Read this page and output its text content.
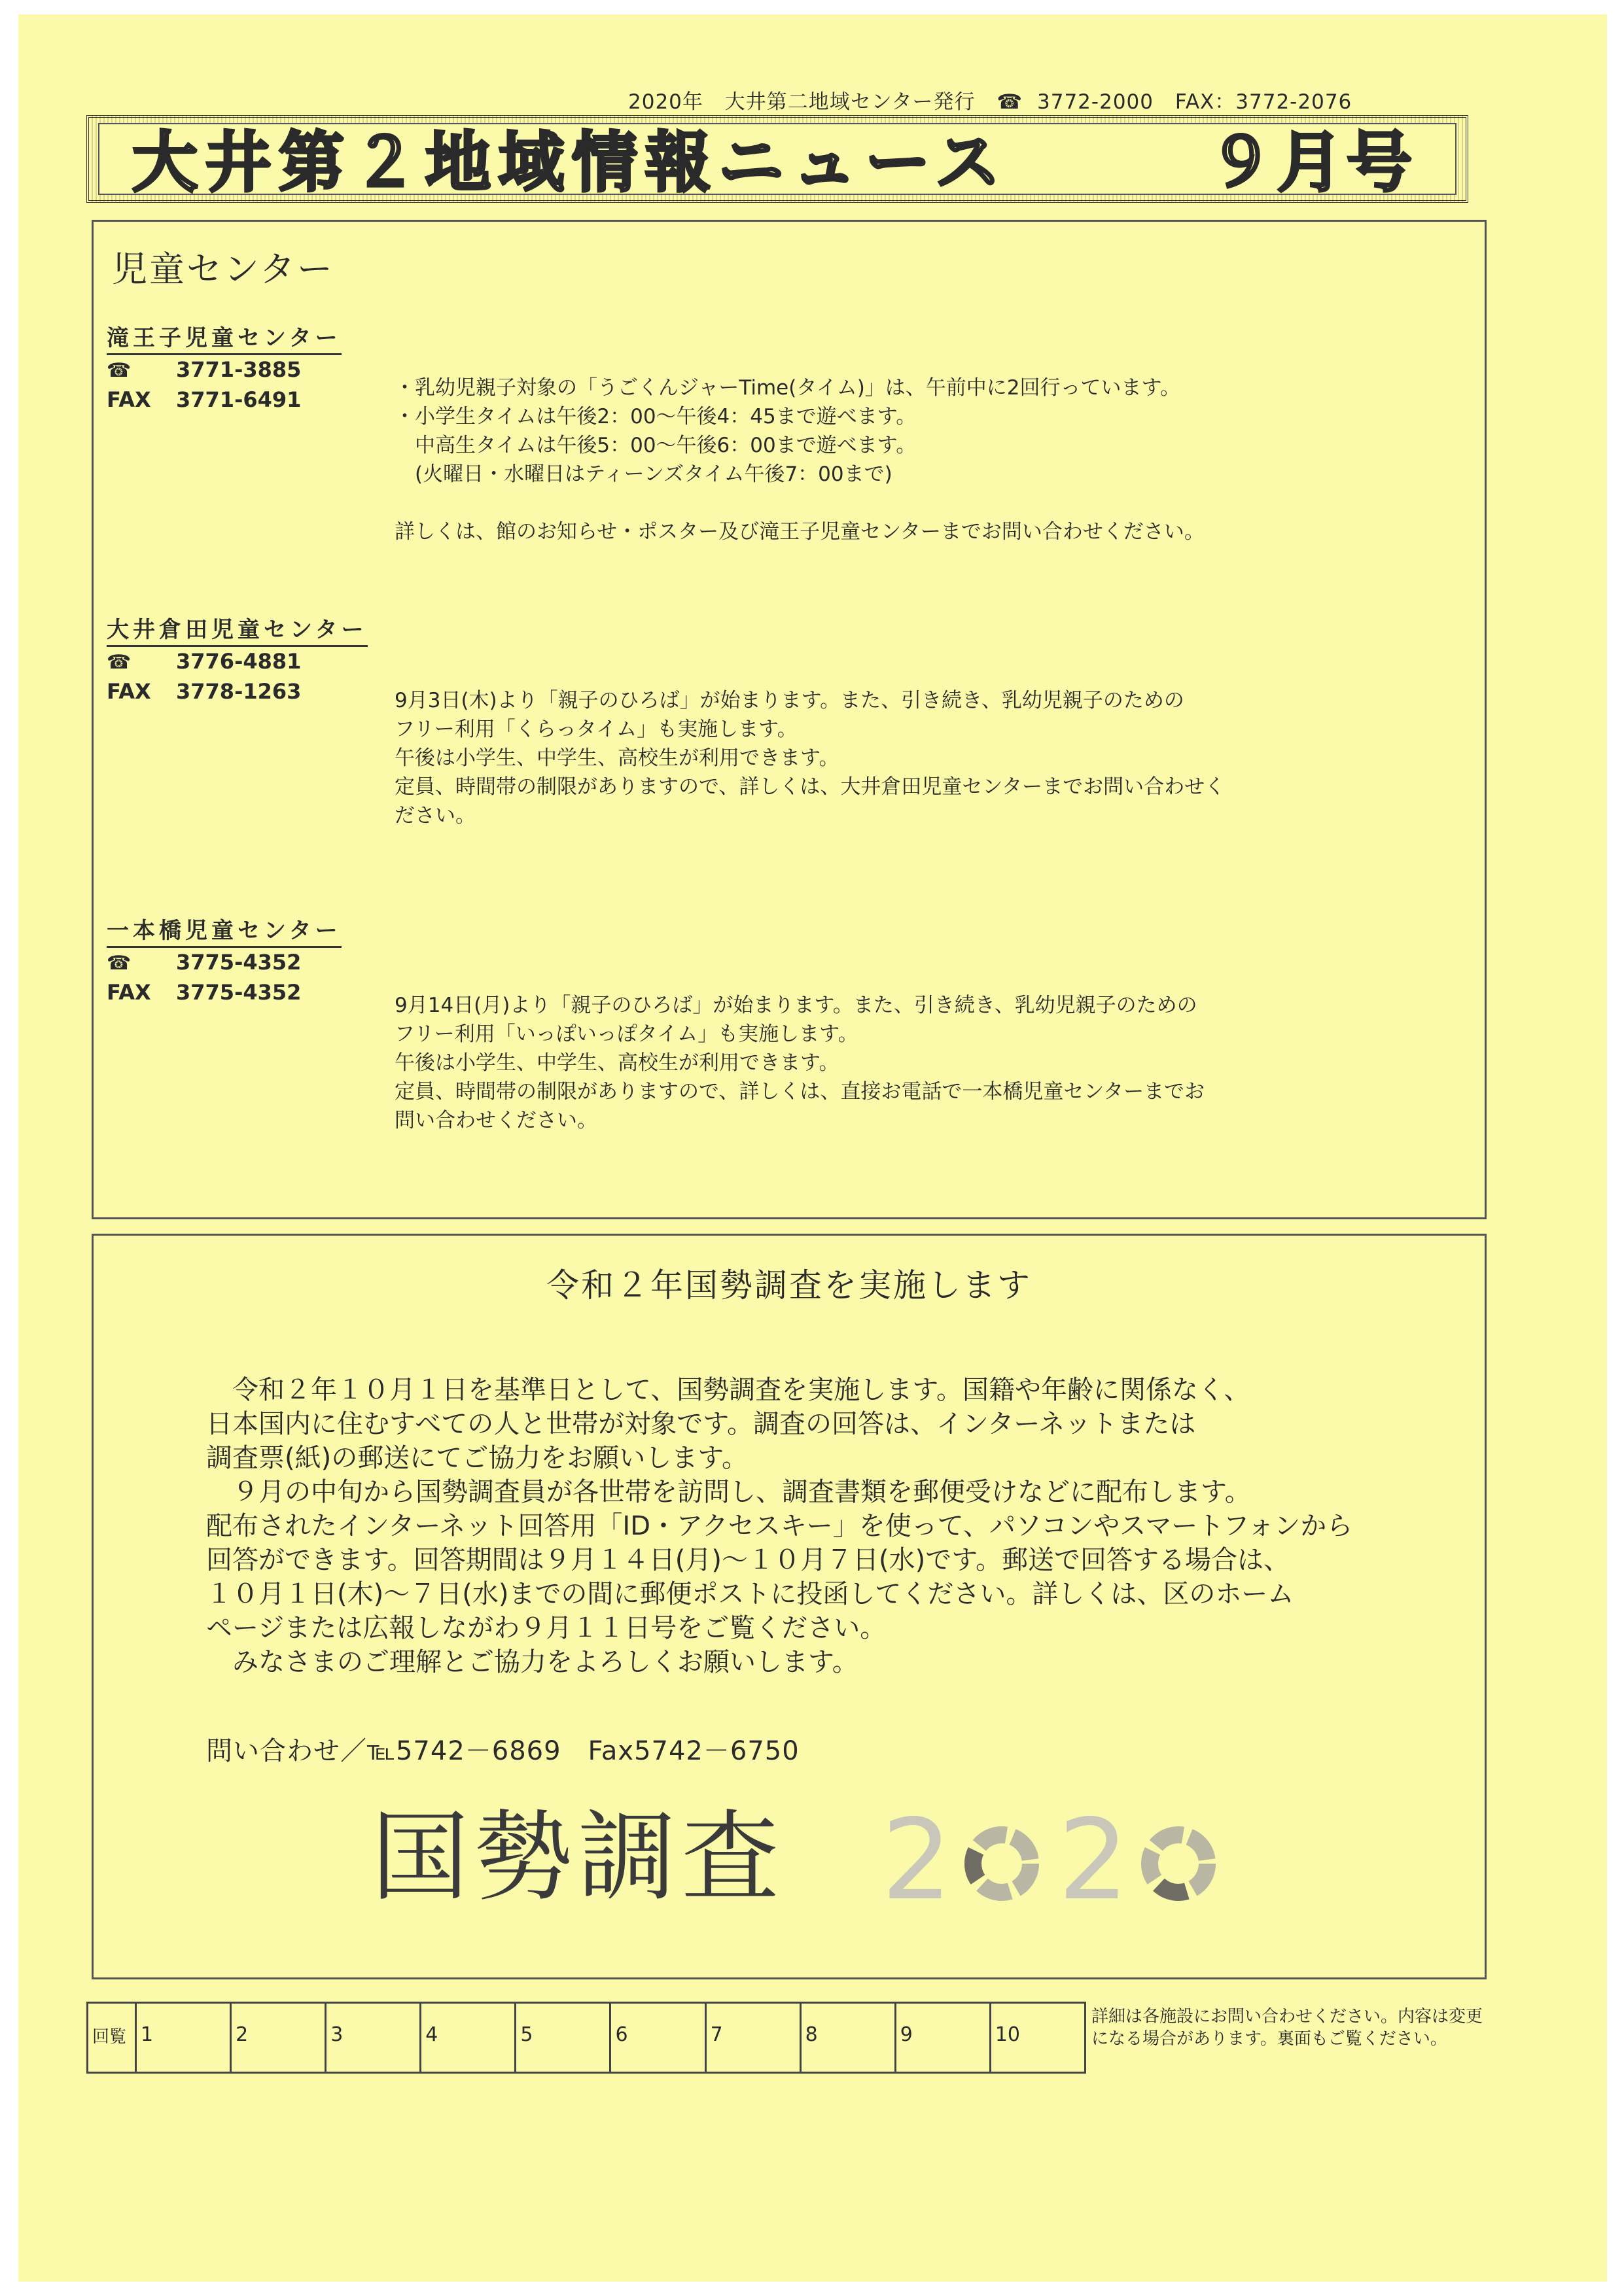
2020年 大井第二地域センター発行 ☎ 3772-2000 FAX：3772-2076
大井第２地域情報ニュース	９月号
児童センター
滝王子児童センター
☎ 3771-3885
FAX 3771-6491	・乳幼児親子対象の「うごくんジャーTime(タイム)」は、午前中に2回行っています。
・小学生タイムは午後2：00～午後4：45まで遊べます。
　中高生タイムは午後5：00～午後6：00まで遊べます。
　(火曜日・水曜日はティーンズタイム午後7：00まで)

詳しくは、館のお知らせ・ポスター及び滝王子児童センターまでお問い合わせください。
大井倉田児童センター
☎ 3776-4881
FAX 3778-1263	9月3日(木)より「親子のひろば」が始まります。また、引き続き、乳幼児親子のための
フリー利用「くらっタイム」も実施します。
午後は小学生、中学生、高校生が利用できます。
定員、時間帯の制限がありますので、詳しくは、大井倉田児童センターまでお問い合わせく
ださい。
一本橋児童センター
☎ 3775-4352
FAX 3775-4352
9月14日(月)より「親子のひろば」が始まります。また、引き続き、乳幼児親子のための
フリー利用「いっぽいっぽタイム」も実施します。
午後は小学生、中学生、高校生が利用できます。
定員、時間帯の制限がありますので、詳しくは、直接お電話で一本橋児童センターまでお
問い合わせください。
令和２年国勢調査を実施します
　令和２年１０月１日を基準日として、国勢調査を実施します。国籍や年齢に関係なく、
日本国内に住むすべての人と世帯が対象です。調査の回答は、インターネットまたは
調査票(紙)の郵送にてご協力をお願いします。
　９月の中旬から国勢調査員が各世帯を訪問し、調査書類を郵便受けなどに配布します。
配布されたインターネット回答用「ID・アクセスキー」を使って、パソコンやスマートフォンから
回答ができます。回答期間は９月１４日(月)～１０月７日(水)です。郵送で回答する場合は、
１０月１日(木)～７日(水)までの間に郵便ポストに投函してください。詳しくは、区のホーム
ページまたは広報しながわ９月１１日号をご覧ください。
　みなさまのご理解とご協力をよろしくお願いします。
問い合わせ／℡5742－6869　Fax5742－6750
国勢調査 2 2
回覧	1	2	3	4	5	6	7	8	9	10
詳細は各施設にお問い合わせください。内容は変更になる場合があります。裏面もご覧ください。
